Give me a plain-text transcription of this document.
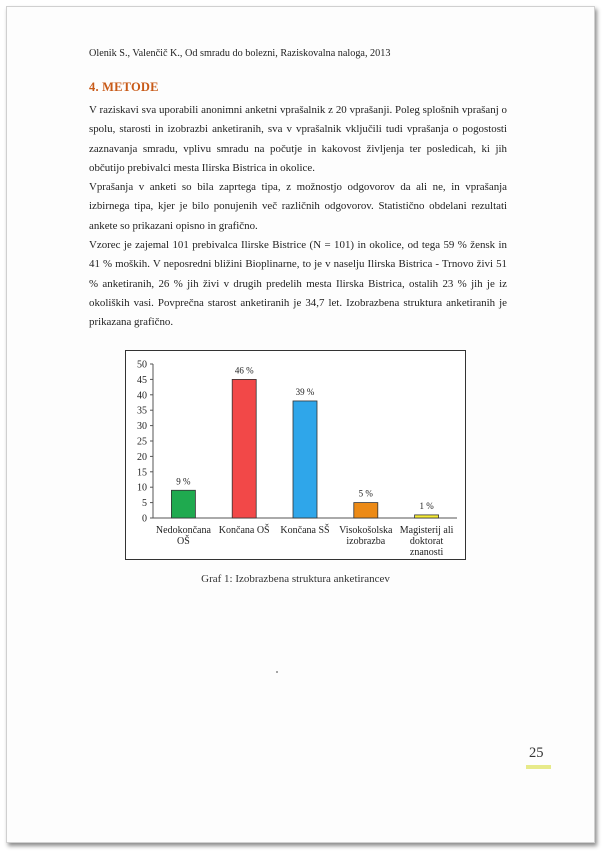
Olenik S., Valenčič K., Od smradu do bolezni, Raziskovalna naloga, 2013
4. METODE

V raziskavi sva uporabili anonimni anketni vprašalnik z 20 vprašanji. Poleg splošnih vprašanj o spolu, starosti in izobrazbi anketiranih, sva v vprašalnik vključili tudi vprašanja o pogostosti zaznavanja smradu, vplivu smradu na počutje in kakovost življenja ter posledicah, ki jih občutijo prebivalci mesta Ilirska Bistrica in okolice.

Vprašanja v anketi so bila zaprtega tipa, z možnostjo odgovorov da ali ne, in vprašanja izbirnega tipa, kjer je bilo ponujenih več različnih odgovorov. Statistično obdelani rezultati ankete so prikazani opisno in grafično.

Vzorec je zajemal 101 prebivalca Ilirske Bistrice (N = 101) in okolice, od tega 59 % žensk in 41 % moških. V neposredni bližini Bioplinarne, to je v naselju Ilirska Bistrica - Trnovo živi 51 % anketiranih, 26 % jih živi v drugih predelih mesta Ilirska Bistrica, ostalih 23 % jih je iz okoliških vasi. Povprečna starost anketiranih je 34,7 let. Izobrazbena struktura anketiranih je prikazana grafično.

0
5
10
15
20
25
30
35
40
45
50
9 %
46 %
39 %
5 %
1 %
Nedokončana OŠ
Končana OŠ Končana SŠ Visokošolska izobrazba
Magisterij ali doktorat znanosti
Graf 1: Izobrazbena struktura anketirancev
25
